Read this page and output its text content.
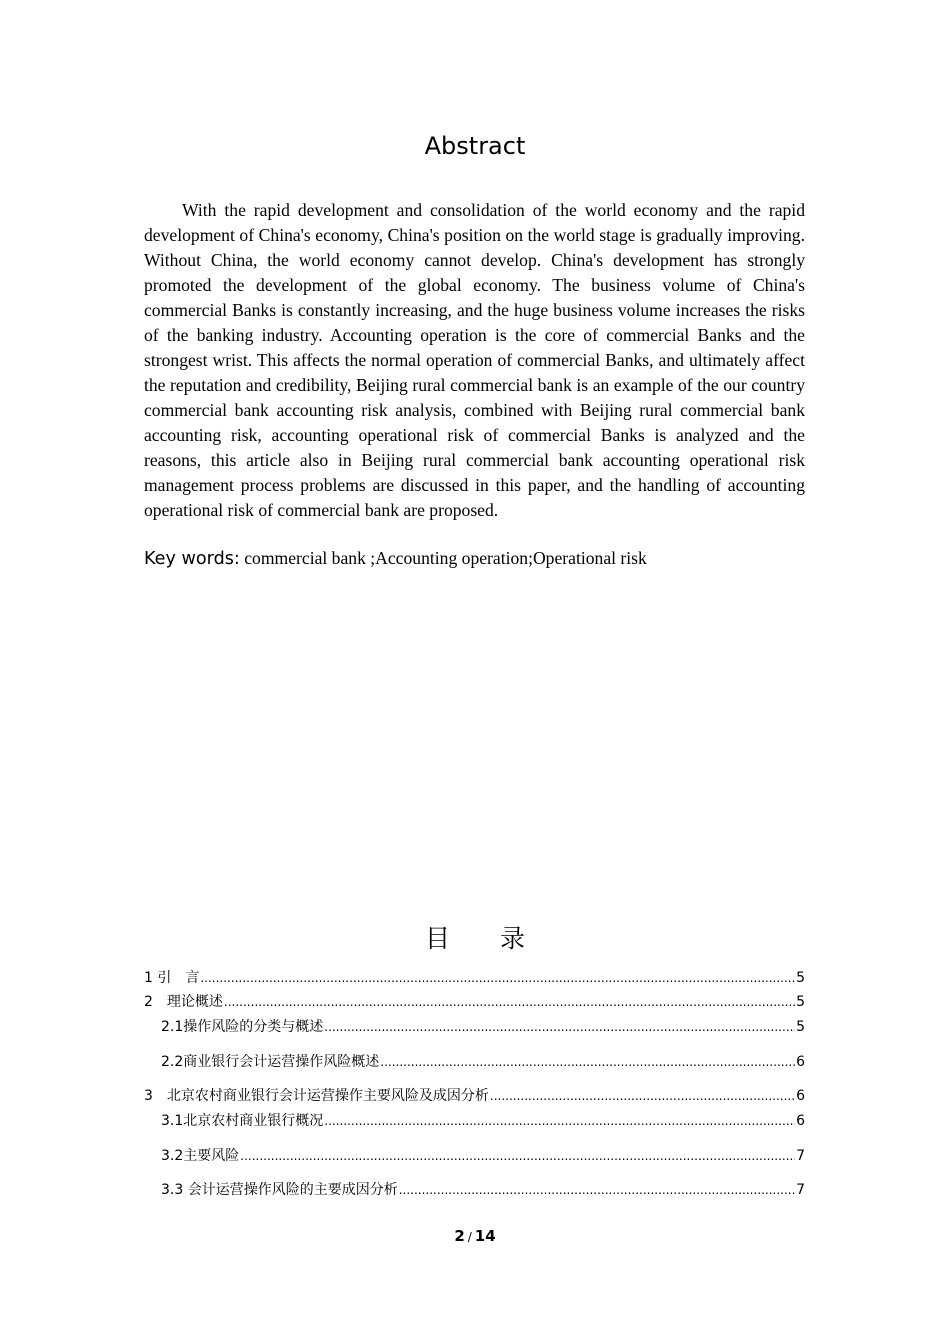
Abstract

With the rapid development and consolidation of the world economy and the rapid development of China's economy, China's position on the world stage is gradually improving. Without China, the world economy cannot develop. China's development has strongly promoted the development of the global economy. The business volume of China's commercial Banks is constantly increasing, and the huge business volume increases the risks of the banking industry. Accounting operation is the core of commercial Banks and the strongest wrist. This affects the normal operation of commercial Banks, and ultimately affect the reputation and credibility, Beijing rural commercial bank is an example of the our country commercial bank accounting risk analysis, combined with Beijing rural commercial bank accounting risk, accounting operational risk of commercial Banks is analyzed and the reasons, this article also in Beijing rural commercial bank accounting operational risk management process problems are discussed in this paper, and the handling of accounting operational risk of commercial bank are proposed.

Key words: commercial bank ;Accounting operation;Operational risk

目 录
1 引　言 .....	5
2　理论概述 .....	5
2.1操作风险的分类与概述 .....	5
2.2商业银行会计运营操作风险概述 .....	6
3　北京农村商业银行会计运营操作主要风险及成因分析 .....	6
3.1北京农村商业银行概况 .....	6
3.2主要风险 .....	7
3.3 会计运营操作风险的主要成因分析 .....	7
2 / 14
